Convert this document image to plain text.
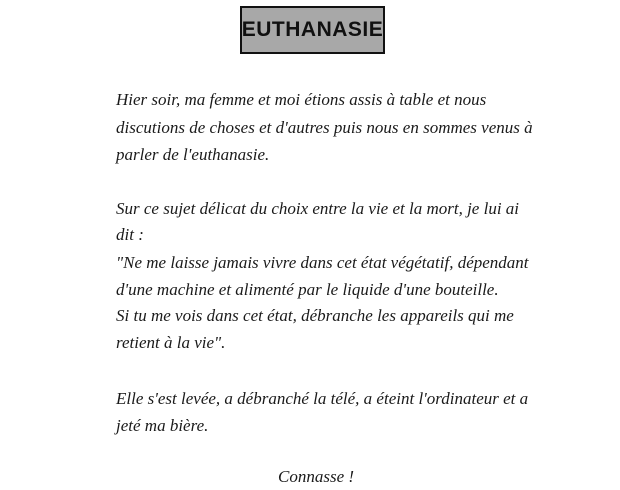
EUTHANASIE
Hier soir, ma femme et moi étions assis à table et nous
discutions de choses et d'autres puis nous en sommes venus à
parler de l'euthanasie.
Sur ce sujet délicat du choix entre la vie et la mort, je lui ai
dit :
"Ne me laisse jamais vivre dans cet état végétatif, dépendant
d'une machine et alimenté par le liquide d'une bouteille.
Si tu me vois dans cet état, débranche les appareils qui me
retient à la vie".
Elle s'est levée, a débranché la télé, a éteint l'ordinateur et a
jeté ma bière.
Connasse !
